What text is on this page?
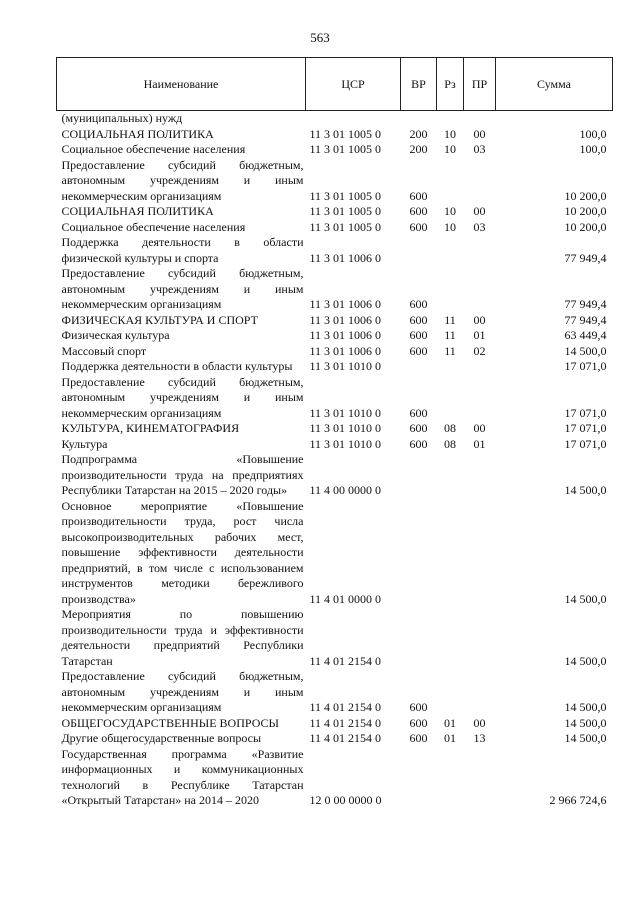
563
Наименование	ЦСР	ВР	Рз	ПР	Сумма
(муниципальных) нужд					
СОЦИАЛЬНАЯ ПОЛИТИКА	11 3 01 1005 0	200	10	00	100,0
Социальное обеспечение населения	11 3 01 1005 0	200	10	03	100,0
Предоставление субсидий бюджетным, автономным учреждениям и иным некоммерческим организациям	11 3 01 1005 0	600			10 200,0
СОЦИАЛЬНАЯ ПОЛИТИКА	11 3 01 1005 0	600	10	00	10 200,0
Социальное обеспечение населения	11 3 01 1005 0	600	10	03	10 200,0
Поддержка деятельности в области физической культуры и спорта	11 3 01 1006 0				77 949,4
Предоставление субсидий бюджетным, автономным учреждениям и иным некоммерческим организациям	11 3 01 1006 0	600			77 949,4
ФИЗИЧЕСКАЯ КУЛЬТУРА И СПОРТ	11 3 01 1006 0	600	11	00	77 949,4
Физическая культура	11 3 01 1006 0	600	11	01	63 449,4
Массовый спорт	11 3 01 1006 0	600	11	02	14 500,0
Поддержка деятельности в области культуры	11 3 01 1010 0				17 071,0
Предоставление субсидий бюджетным, автономным учреждениям и иным некоммерческим организациям	11 3 01 1010 0	600			17 071,0
КУЛЬТУРА, КИНЕМАТОГРАФИЯ	11 3 01 1010 0	600	08	00	17 071,0
Культура	11 3 01 1010 0	600	08	01	17 071,0
Подпрограмма «Повышение производительности труда на предприятиях Республики Татарстан на 2015 – 2020 годы»	11 4 00 0000 0				14 500,0
Основное мероприятие «Повышение производительности труда, рост числа высокопроизводительных рабочих мест, повышение эффективности деятельности предприятий, в том числе с использованием инструментов методики бережливого производства»	11 4 01 0000 0				14 500,0
Мероприятия по повышению производительности труда и эффективности деятельности предприятий Республики Татарстан	11 4 01 2154 0				14 500,0
Предоставление субсидий бюджетным, автономным учреждениям и иным некоммерческим организациям	11 4 01 2154 0	600			14 500,0
ОБЩЕГОСУДАРСТВЕННЫЕ ВОПРОСЫ	11 4 01 2154 0	600	01	00	14 500,0
Другие общегосударственные вопросы	11 4 01 2154 0	600	01	13	14 500,0
Государственная программа «Развитие информационных и коммуникационных технологий в Республике Татарстан «Открытый Татарстан» на 2014 – 2020	12 0 00 0000 0				2 966 724,6
